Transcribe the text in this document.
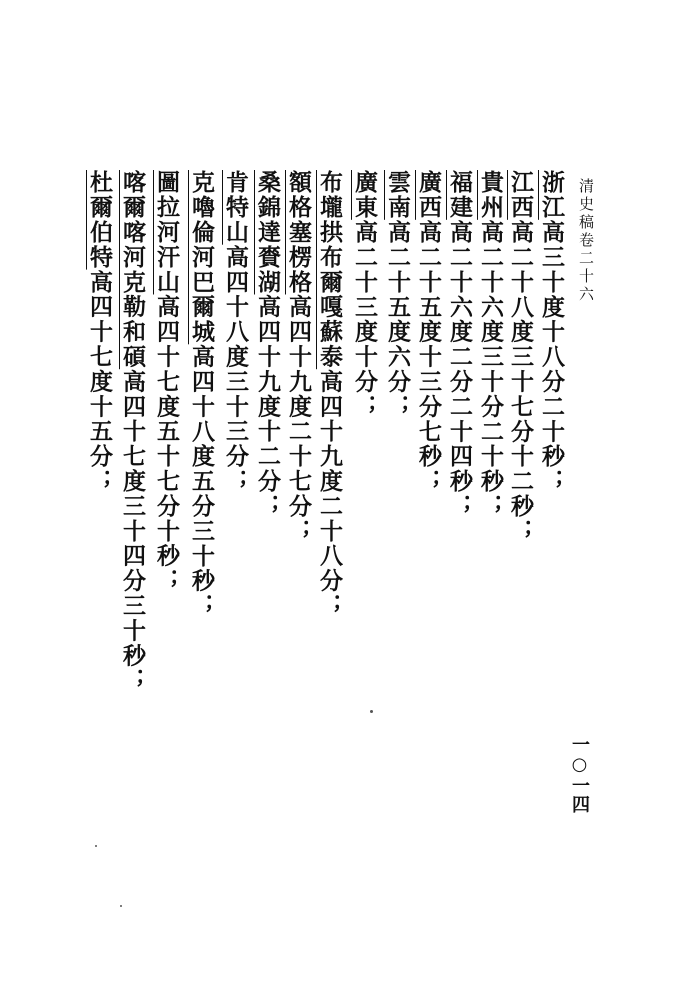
清史稿卷二十六
浙江高三十度十八分二十秒；
江西高二十八度三十七分十二秒；
貴州高二十六度三十分二十秒；
福建高二十六度二分二十四秒；
廣西高二十五度十三分七秒；
雲南高二十五度六分；
廣東高二十三度十分；
布壠拱布爾嘎蘇泰高四十九度二十八分；
額格塞楞格高四十九度二十七分；
桑錦達賚湖高四十九度十二分；
肯特山高四十八度三十三分；
克嚕倫河巴爾城高四十八度五分三十秒；
圖拉河汗山高四十七度五十七分十秒；
喀爾喀河克勒和碩高四十七度三十四分三十秒；
杜爾伯特高四十七度十五分；
一○一四
